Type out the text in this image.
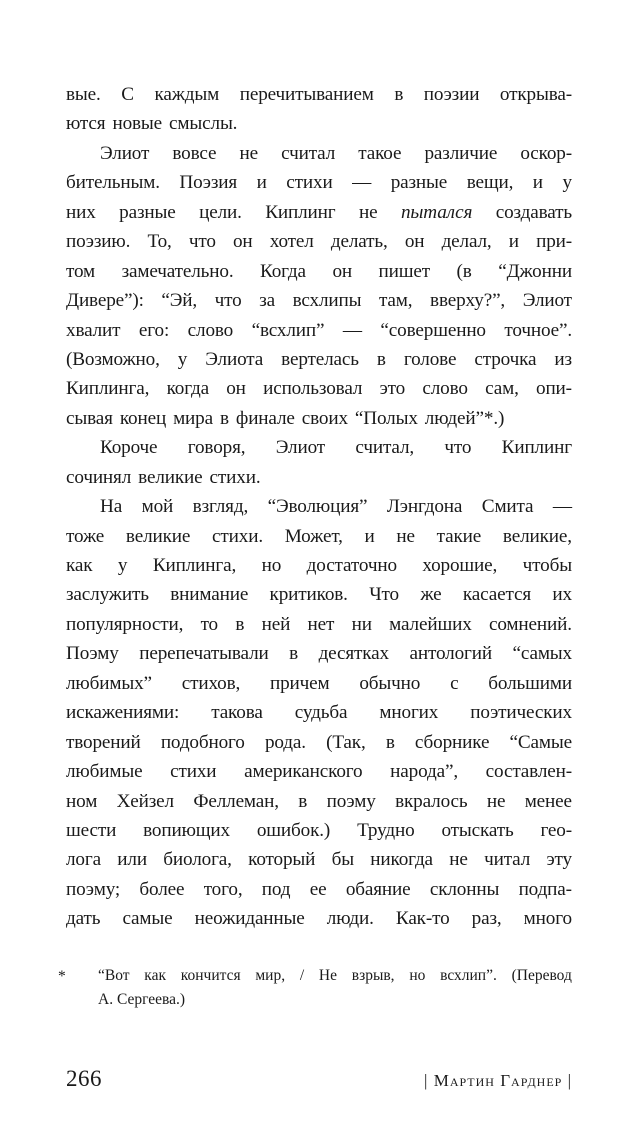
вые. С каждым перечитыванием в поэзии открыва-
ются новые смыслы.
Элиот вовсе не считал такое различие оскор-
бительным. Поэзия и стихи — разные вещи, и у
них разные цели. Киплинг не пытался создавать
поэзию. То, что он хотел делать, он делал, и при-
том замечательно. Когда он пишет (в “Джонни
Дивере”): “Эй, что за всхлипы там, вверху?”, Элиот
хвалит его: слово “всхлип” — “совершенно точное”.
(Возможно, у Элиота вертелась в голове строчка из
Киплинга, когда он использовал это слово сам, опи-
сывая конец мира в финале своих “Полых людей”*.)
Короче говоря, Элиот считал, что Киплинг
сочинял великие стихи.
На мой взгляд, “Эволюция” Лэнгдона Смита —
тоже великие стихи. Может, и не такие великие,
как у Киплинга, но достаточно хорошие, чтобы
заслужить внимание критиков. Что же касается их
популярности, то в ней нет ни малейших сомнений.
Поэму перепечатывали в десятках антологий “самых
любимых” стихов, причем обычно с большими
искажениями: такова судьба многих поэтических
творений подобного рода. (Так, в сборнике “Самые
любимые стихи американского народа”, составлен-
ном Хейзел Феллеман, в поэму вкралось не менее
шести вопиющих ошибок.) Трудно отыскать гео-
лога или биолога, который бы никогда не читал эту
поэму; более того, под ее обаяние склонны подпа-
дать самые неожиданные люди. Как-то раз, много
* “Вот как кончится мир, / Не взрыв, но всхлип”. (Перевод
А. Сергеева.)
266	| Мартин Гарднер |
